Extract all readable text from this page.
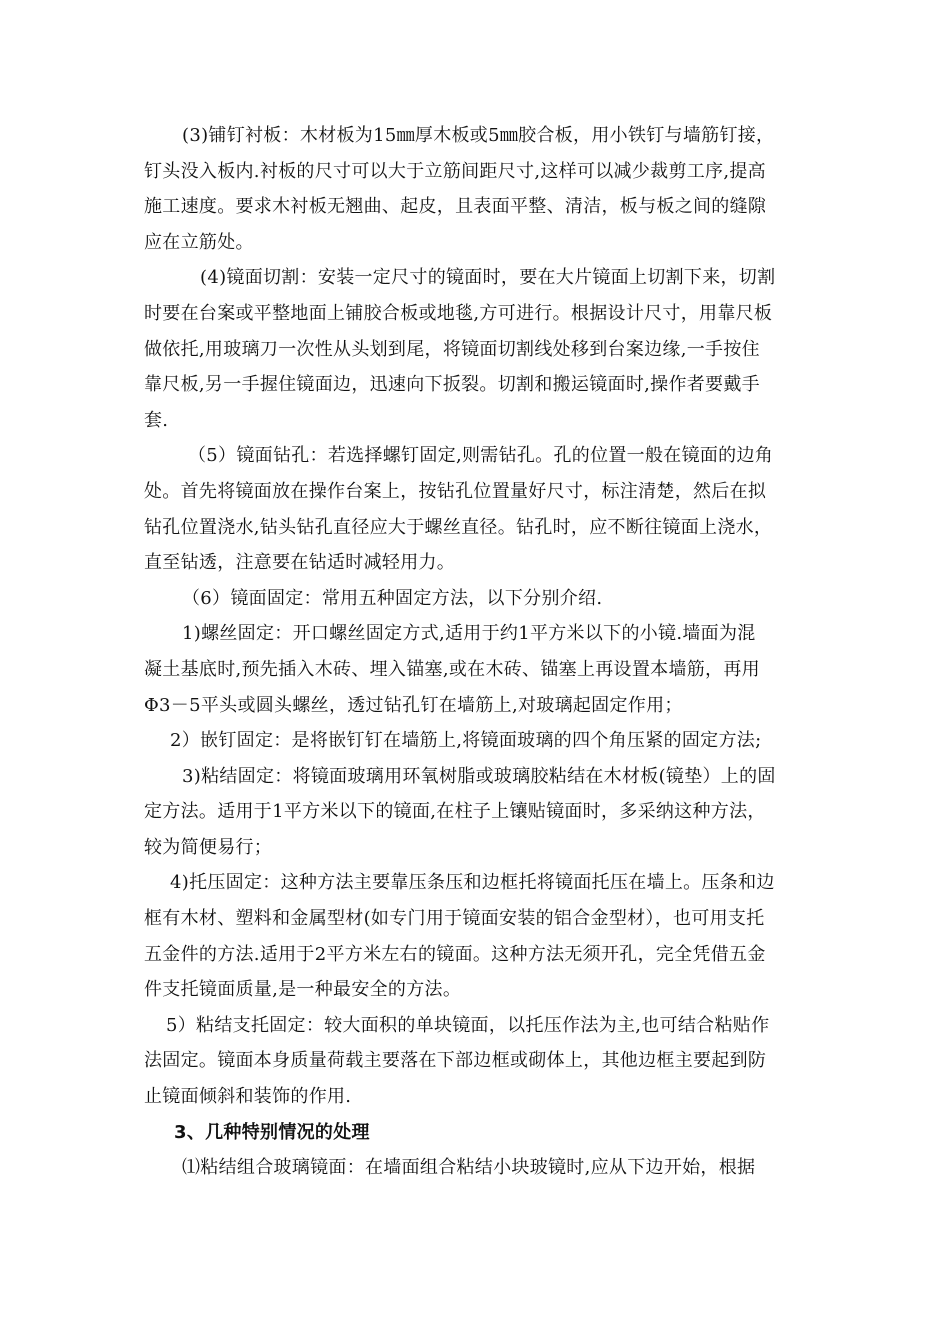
(3)铺钉衬板：木材板为15㎜厚木板或5㎜胶合板，用小铁钉与墙筋钉接，
钉头没入板内.衬板的尺寸可以大于立筋间距尺寸,这样可以减少裁剪工序,提高
施工速度。要求木衬板无翘曲、起皮，且表面平整、清洁，板与板之间的缝隙
应在立筋处。
(4)镜面切割：安装一定尺寸的镜面时，要在大片镜面上切割下来，切割
时要在台案或平整地面上铺胶合板或地毯,方可进行。根据设计尺寸，用靠尺板
做依托,用玻璃刀一次性从头划到尾，将镜面切割线处移到台案边缘,一手按住
靠尺板,另一手握住镜面边，迅速向下扳裂。切割和搬运镜面时,操作者要戴手
套.
（5）镜面钻孔：若选择螺钉固定,则需钻孔。孔的位置一般在镜面的边角
处。首先将镜面放在操作台案上，按钻孔位置量好尺寸，标注清楚，然后在拟
钻孔位置浇水,钻头钻孔直径应大于螺丝直径。钻孔时，应不断往镜面上浇水，
直至钻透，注意要在钻适时减轻用力。
（6）镜面固定：常用五种固定方法，以下分别介绍.
1)螺丝固定：开口螺丝固定方式,适用于约1平方米以下的小镜.墙面为混
凝土基底时,预先插入木砖、埋入锚塞,或在木砖、锚塞上再设置本墙筋，再用
Φ3－5平头或圆头螺丝，透过钻孔钉在墙筋上,对玻璃起固定作用；
2）嵌钉固定：是将嵌钉钉在墙筋上,将镜面玻璃的四个角压紧的固定方法;
3)粘结固定：将镜面玻璃用环氧树脂或玻璃胶粘结在木材板(镜垫）上的固
定方法。适用于1平方米以下的镜面,在柱子上镶贴镜面时，多采纳这种方法，
较为简便易行；
4)托压固定：这种方法主要靠压条压和边框托将镜面托压在墙上。压条和边
框有木材、塑料和金属型材(如专门用于镜面安装的铝合金型材），也可用支托
五金件的方法.适用于2平方米左右的镜面。这种方法无须开孔，完全凭借五金
件支托镜面质量,是一种最安全的方法。
5）粘结支托固定：较大面积的单块镜面，以托压作法为主,也可结合粘贴作
法固定。镜面本身质量荷载主要落在下部边框或砌体上，其他边框主要起到防
止镜面倾斜和装饰的作用.
3、几种特别情况的处理
⑴粘结组合玻璃镜面：在墙面组合粘结小块玻镜时,应从下边开始，根据
